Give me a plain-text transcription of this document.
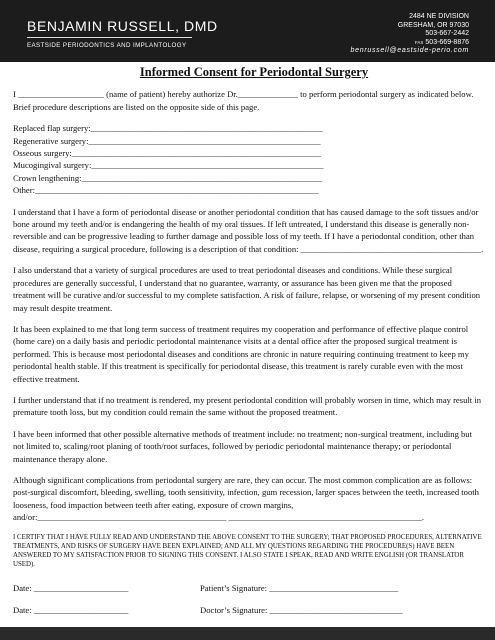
BENJAMIN RUSSELL, DMD
EASTSIDE PERIODONTICS AND IMPLANTOLOGY
2484 NE DIVISION
GRESHAM, OR 97030
503-667-2442
FAX 503-669-8876
benrussell@eastside-perio.com
Informed Consent for Periodontal Surgery
I ____________________ (name of patient) hereby authorize Dr.______________ to perform periodontal surgery as indicated below. Brief procedure descriptions are listed on the opposite side of this page.
Replaced flap surgery:______________________________________________________
Regenerative surgery:______________________________________________________
Osseous surgery:__________________________________________________________
Mucogingival surgery:______________________________________________________
Crown lengthening:________________________________________________________
Other:__________________________________________________________________
I understand that I have a form of periodontal disease or another periodontal condition that has caused damage to the soft tissues and/or bone around my teeth and/or is endangering the health of my oral tissues. If left untreated, I understand this disease is generally non-reversible and can be progressive leading to further damage and possible loss of my teeth. If I have a periodontal condition, other than disease, requiring a surgical procedure, following is a description of that condition: __________________________________________.
I also understand that a variety of surgical procedures are used to treat periodontal diseases and conditions. While these surgical procedures are generally successful, I understand that no guarantee, warranty, or assurance has been given me that the proposed treatment will be curative and/or successful to my complete satisfaction. A risk of failure, relapse, or worsening of my present condition may result despite treatment.
It has been explained to me that long term success of treatment requires my cooperation and performance of effective plaque control (home care) on a daily basis and periodic periodontal maintenance visits at a dental office after the proposed surgical treatment is performed. This is because most periodontal diseases and conditions are chronic in nature requiring continuing treatment to keep my periodontal health stable. If this treatment is specifically for periodontal disease, this treatment is rarely curable even with the most effective treatment.
I further understand that if no treatment is rendered, my present periodontal condition will probably worsen in time, which may result in premature tooth loss, but my condition could remain the same without the proposed treatment.
I have been informed that other possible alternative methods of treatment include: no treatment; non-surgical treatment, including but not limited to, scaling/root planing of tooth/root surfaces, followed by periodic periodontal maintenance therapy; or periodontal maintenance therapy alone.
Although significant complications from periodontal surgery are rare, they can occur. The most common complication are as follows: post-surgical discomfort, bleeding, swelling, tooth sensitivity, infection, gum recession, larger spaces between the teeth, increased tooth looseness, food impaction between teeth after eating, exposure of crown margins, and/or:____________________________________________ _____________________________________________.
I CERTIFY THAT I HAVE FULLY READ AND UNDERSTAND THE ABOVE CONSENT TO THE SURGERY; THAT PROPOSED PROCEDURES, ALTERNATIVE TREATMENTS, AND RISKS OF SURGERY HAVE BEEN EXPLAINED; AND ALL MY QUESTIONS REGARDING THE PROCEDURE(S) HAVE BEEN ANSWERED TO MY SATISFACTION PRIOR TO SIGNING THIS CONSENT. I ALSO STATE I SPEAK, READ AND WRITE ENGLISH (OR TRANSLATOR USED).
Date: ______________________	Patient’s Signature: ______________________________
Date: ______________________	Doctor’s Signature: _______________________________
